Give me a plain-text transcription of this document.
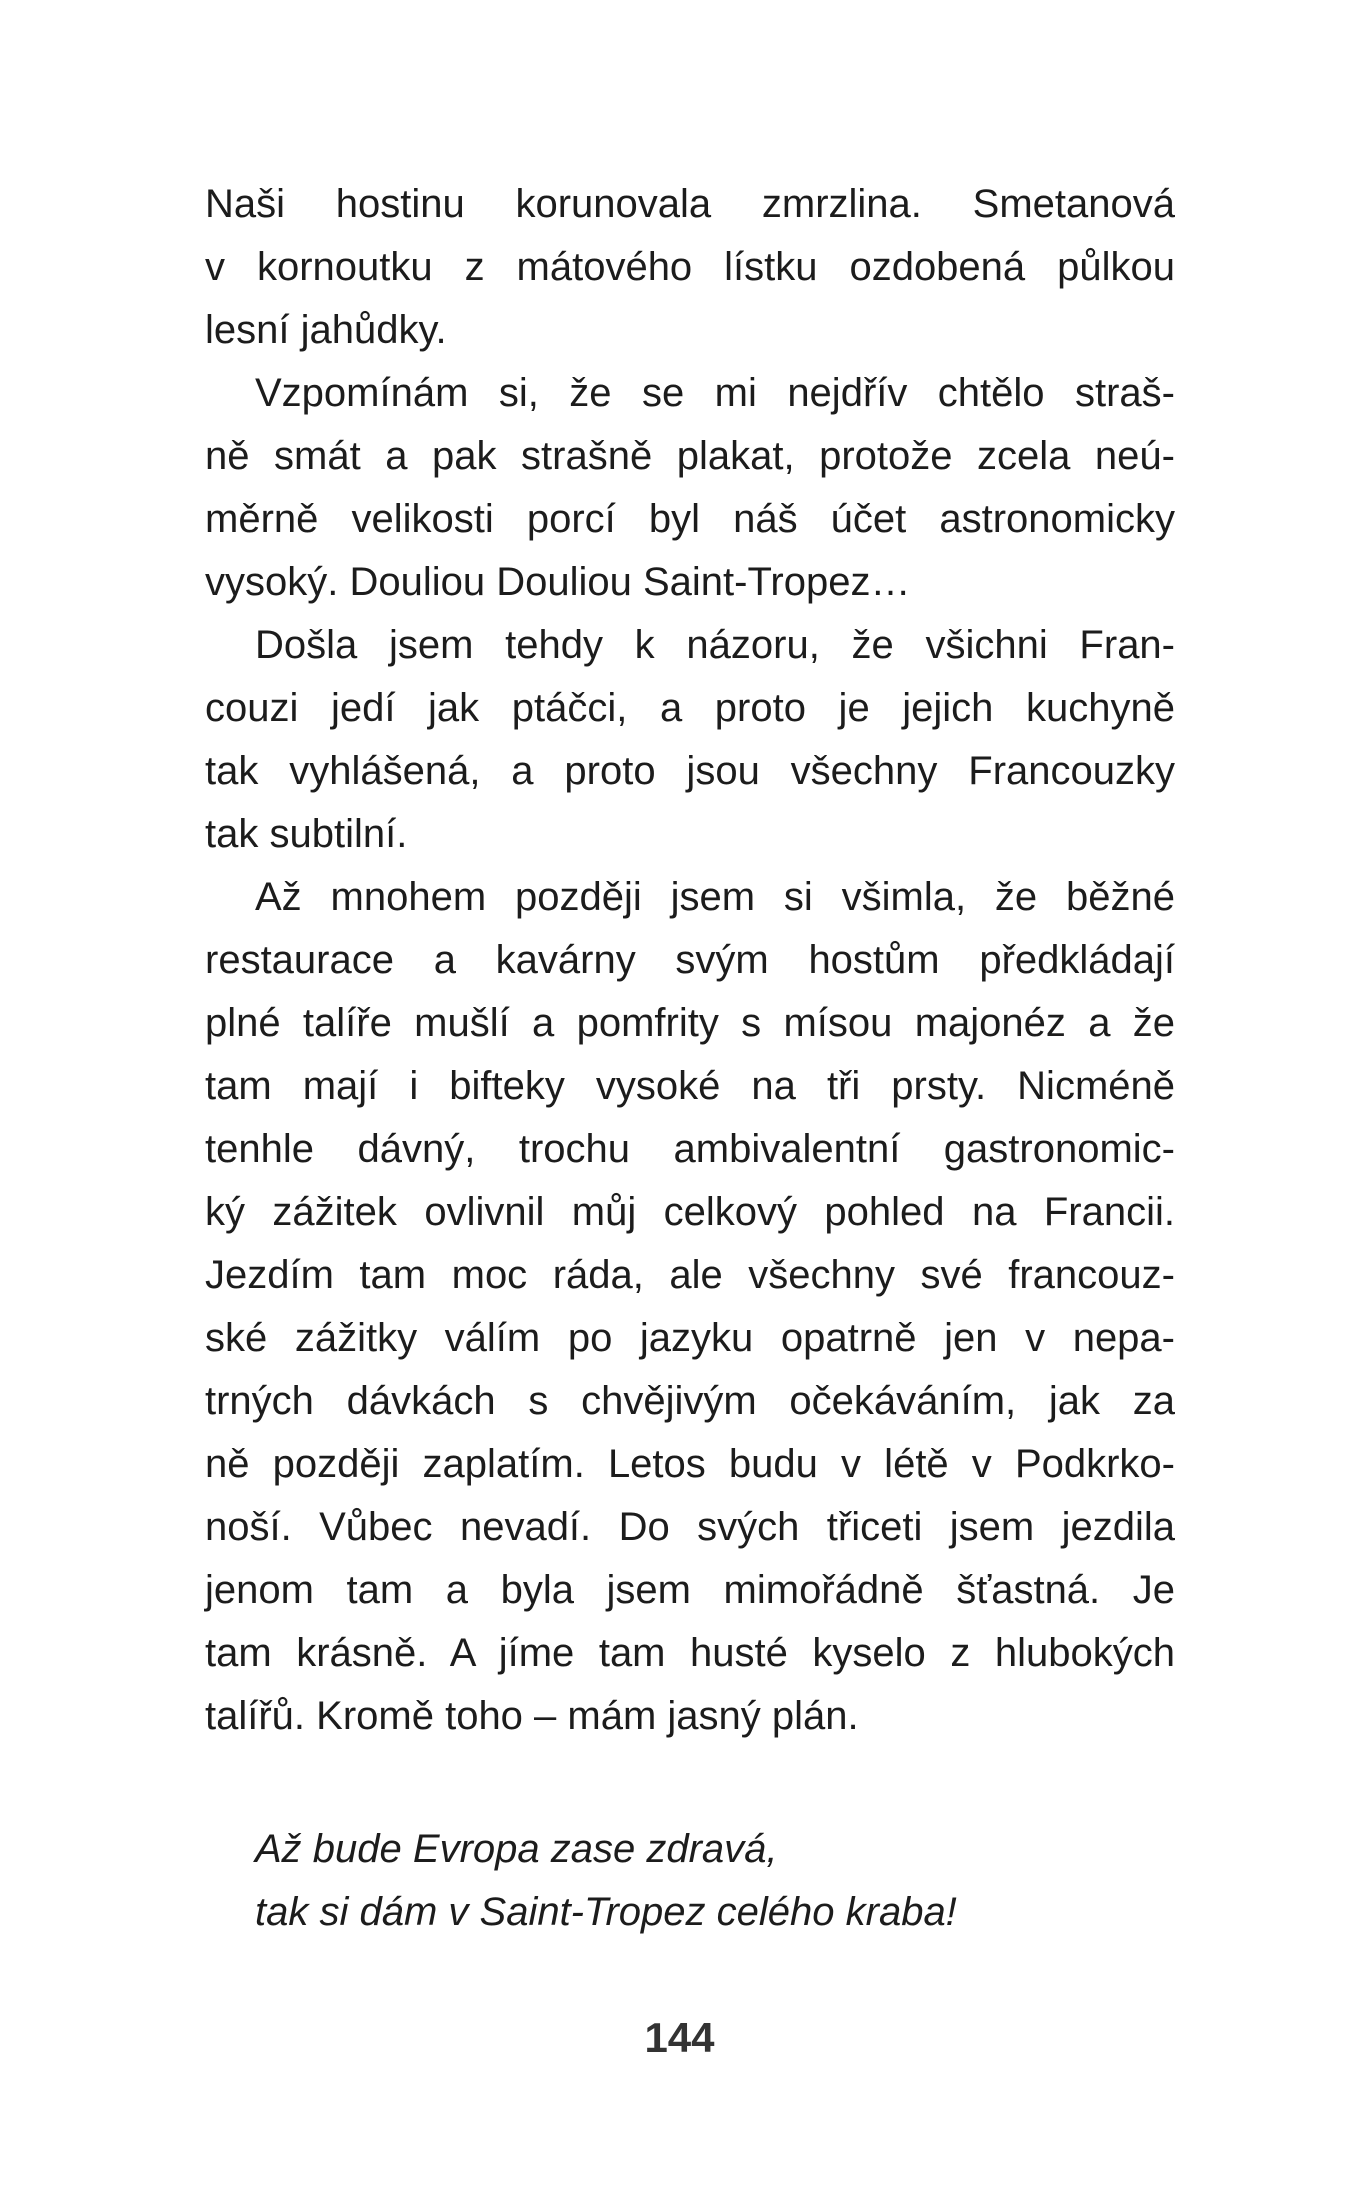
Naši hostinu korunovala zmrzlina. Smetanová
v kornoutku z mátového lístku ozdobená půlkou
lesní jahůdky.
Vzpomínám si, že se mi nejdřív chtělo straš-
ně smát a pak strašně plakat, protože zcela neú-
měrně velikosti porcí byl náš účet astronomicky
vysoký. Douliou Douliou Saint-Tropez…
Došla jsem tehdy k názoru, že všichni Fran-
couzi jedí jak ptáčci, a proto je jejich kuchyně
tak vyhlášená, a proto jsou všechny Francouzky
tak subtilní.
Až mnohem později jsem si všimla, že běžné
restaurace a kavárny svým hostům předkládají
plné talíře mušlí a pomfrity s mísou majonéz a že
tam mají i bifteky vysoké na tři prsty. Nicméně
tenhle dávný, trochu ambivalentní gastronomic-
ký zážitek ovlivnil můj celkový pohled na Francii.
Jezdím tam moc ráda, ale všechny své francouz-
ské zážitky válím po jazyku opatrně jen v nepa-
trných dávkách s chvějivým očekáváním, jak za
ně později zaplatím. Letos budu v létě v Podkrko-
noší. Vůbec nevadí. Do svých třiceti jsem jezdila
jenom tam a byla jsem mimořádně šťastná. Je
tam krásně. A jíme tam husté kyselo z hlubokých
talířů. Kromě toho – mám jasný plán.
Až bude Evropa zase zdravá,
tak si dám v Saint-Tropez celého kraba!
144
